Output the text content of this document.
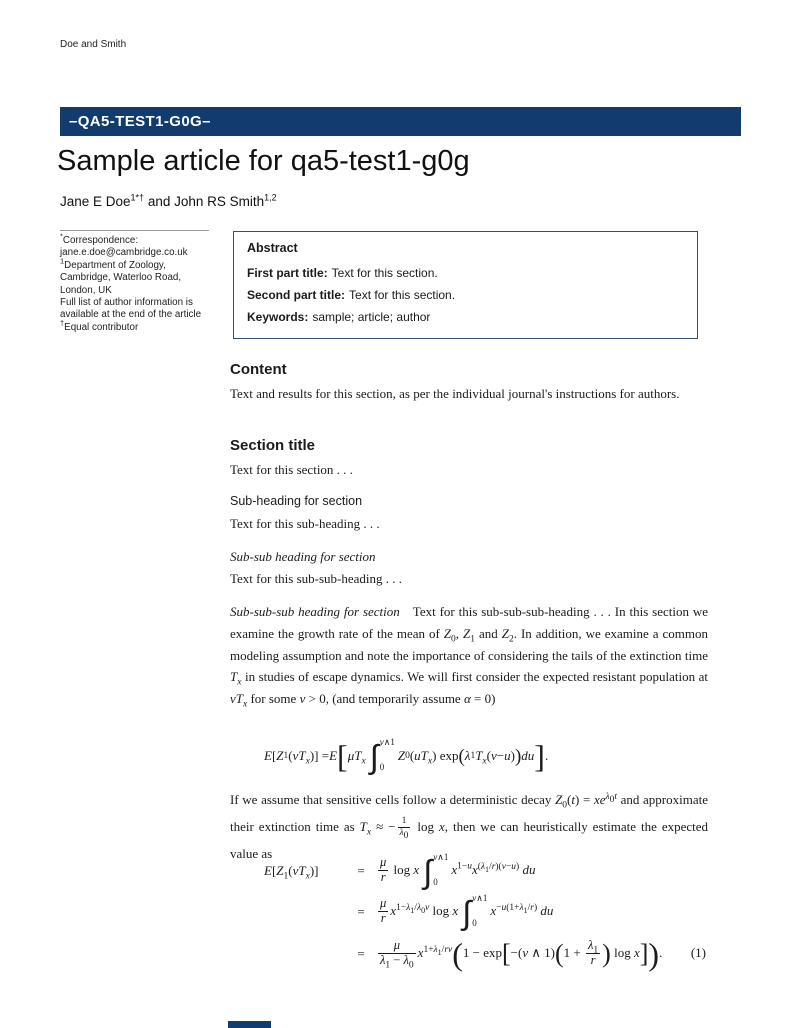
Doe and Smith
–QA5-TEST1-G0G–
Sample article for qa5-test1-g0g
Jane E Doe$^{1*\dagger}$ and John RS Smith$^{1,2}$
*Correspondence:
jane.e.doe@cambridge.co.uk
$^1$Department of Zoology,
Cambridge, Waterloo Road,
London, UK
Full list of author information is
available at the end of the article
†Equal contributor
Abstract
First part title: Text for this section.
Second part title: Text for this section.
Keywords: sample; article; author
Content
Text and results for this section, as per the individual journal's instructions for authors.
Section title
Text for this section . . .
Sub-heading for section
Text for this sub-heading . . .
Sub-sub heading for section
Text for this sub-sub-heading . . .
Sub-sub-sub heading for section Text for this sub-sub-sub-heading . . . In this section we examine the growth rate of the mean of $Z_0$, $Z_1$ and $Z_2$. In addition, we examine a common modeling assumption and note the importance of considering the tails of the extinction time $T_x$ in studies of escape dynamics. We will first consider the expected resistant population at $vT_x$ for some v > 0, (and temporarily assume α = 0)
E [ Z 1 ( $vT_x$ )] = E [ $\mu T_x$ ∫ v∧1
0
Z 0 ( $uT_x$ ) exp ( λ 1 $T_x$ ( v − u ) ) du ] .
If we assume that sensitive cells follow a deterministic decay $Z_0(t) = xe^{\lambda_0t}$ and approximate their extinction time as $T_x$ ≈ − $\frac{1}{\lambda_0}$ log x, then we can heuristically estimate the expected value as
$E[Z_1(vT_x)]$	=	$\frac{\mu}{r}$ log x ∫ v∧1
0
$x^{1-u}x^{(\lambda_1/r)(v-u)}$ du
=	$\frac{\mu}{r} x^{1-\lambda_1/\lambda_0v}$ log x ∫ v∧1
0
$x^{-u(1+\lambda_1/r)}$ du
=	$\frac{\mu}{\lambda_1 - \lambda_0} x^{1+\lambda_1/rv}(1 - \exp[-(v$ ∧ $1)(1 + \frac{\lambda_1}{r}$ ) log x]). (1)
